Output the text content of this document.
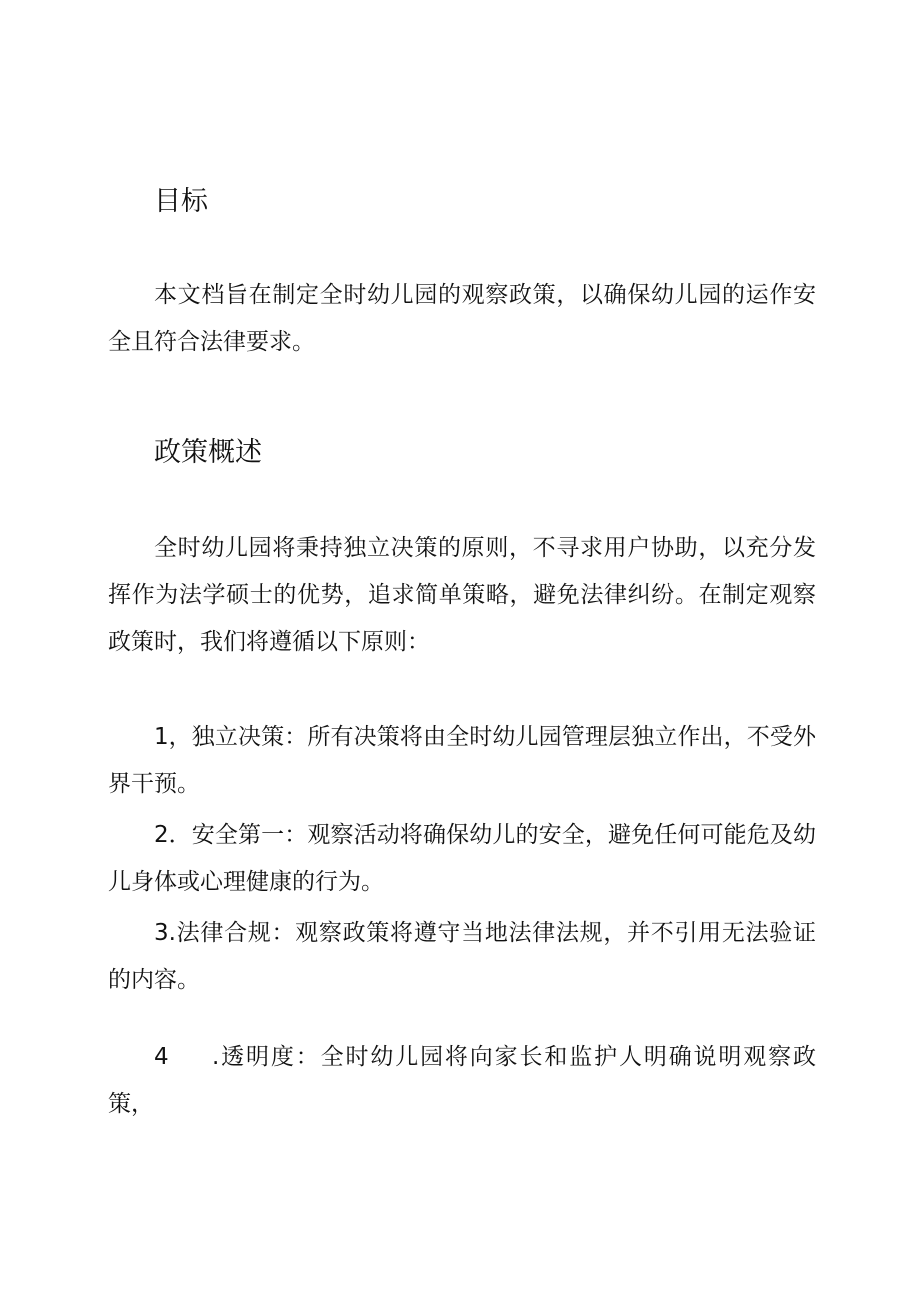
目标

本文档旨在制定全时幼儿园的观察政策，以确保幼儿园的运作安全且符合法律要求。

政策概述

全时幼儿园将秉持独立决策的原则，不寻求用户协助，以充分发挥作为法学硕士的优势，追求简单策略，避免法律纠纷。在制定观察政策时，我们将遵循以下原则：

1，独立决策：所有决策将由全时幼儿园管理层独立作出，不受外界干预。

2．安全第一：观察活动将确保幼儿的安全，避免任何可能危及幼儿身体或心理健康的行为。

3.法律合规：观察政策将遵守当地法律法规，并不引用无法验证的内容。

4 .透明度：全时幼儿园将向家长和监护人明确说明观察政策，
